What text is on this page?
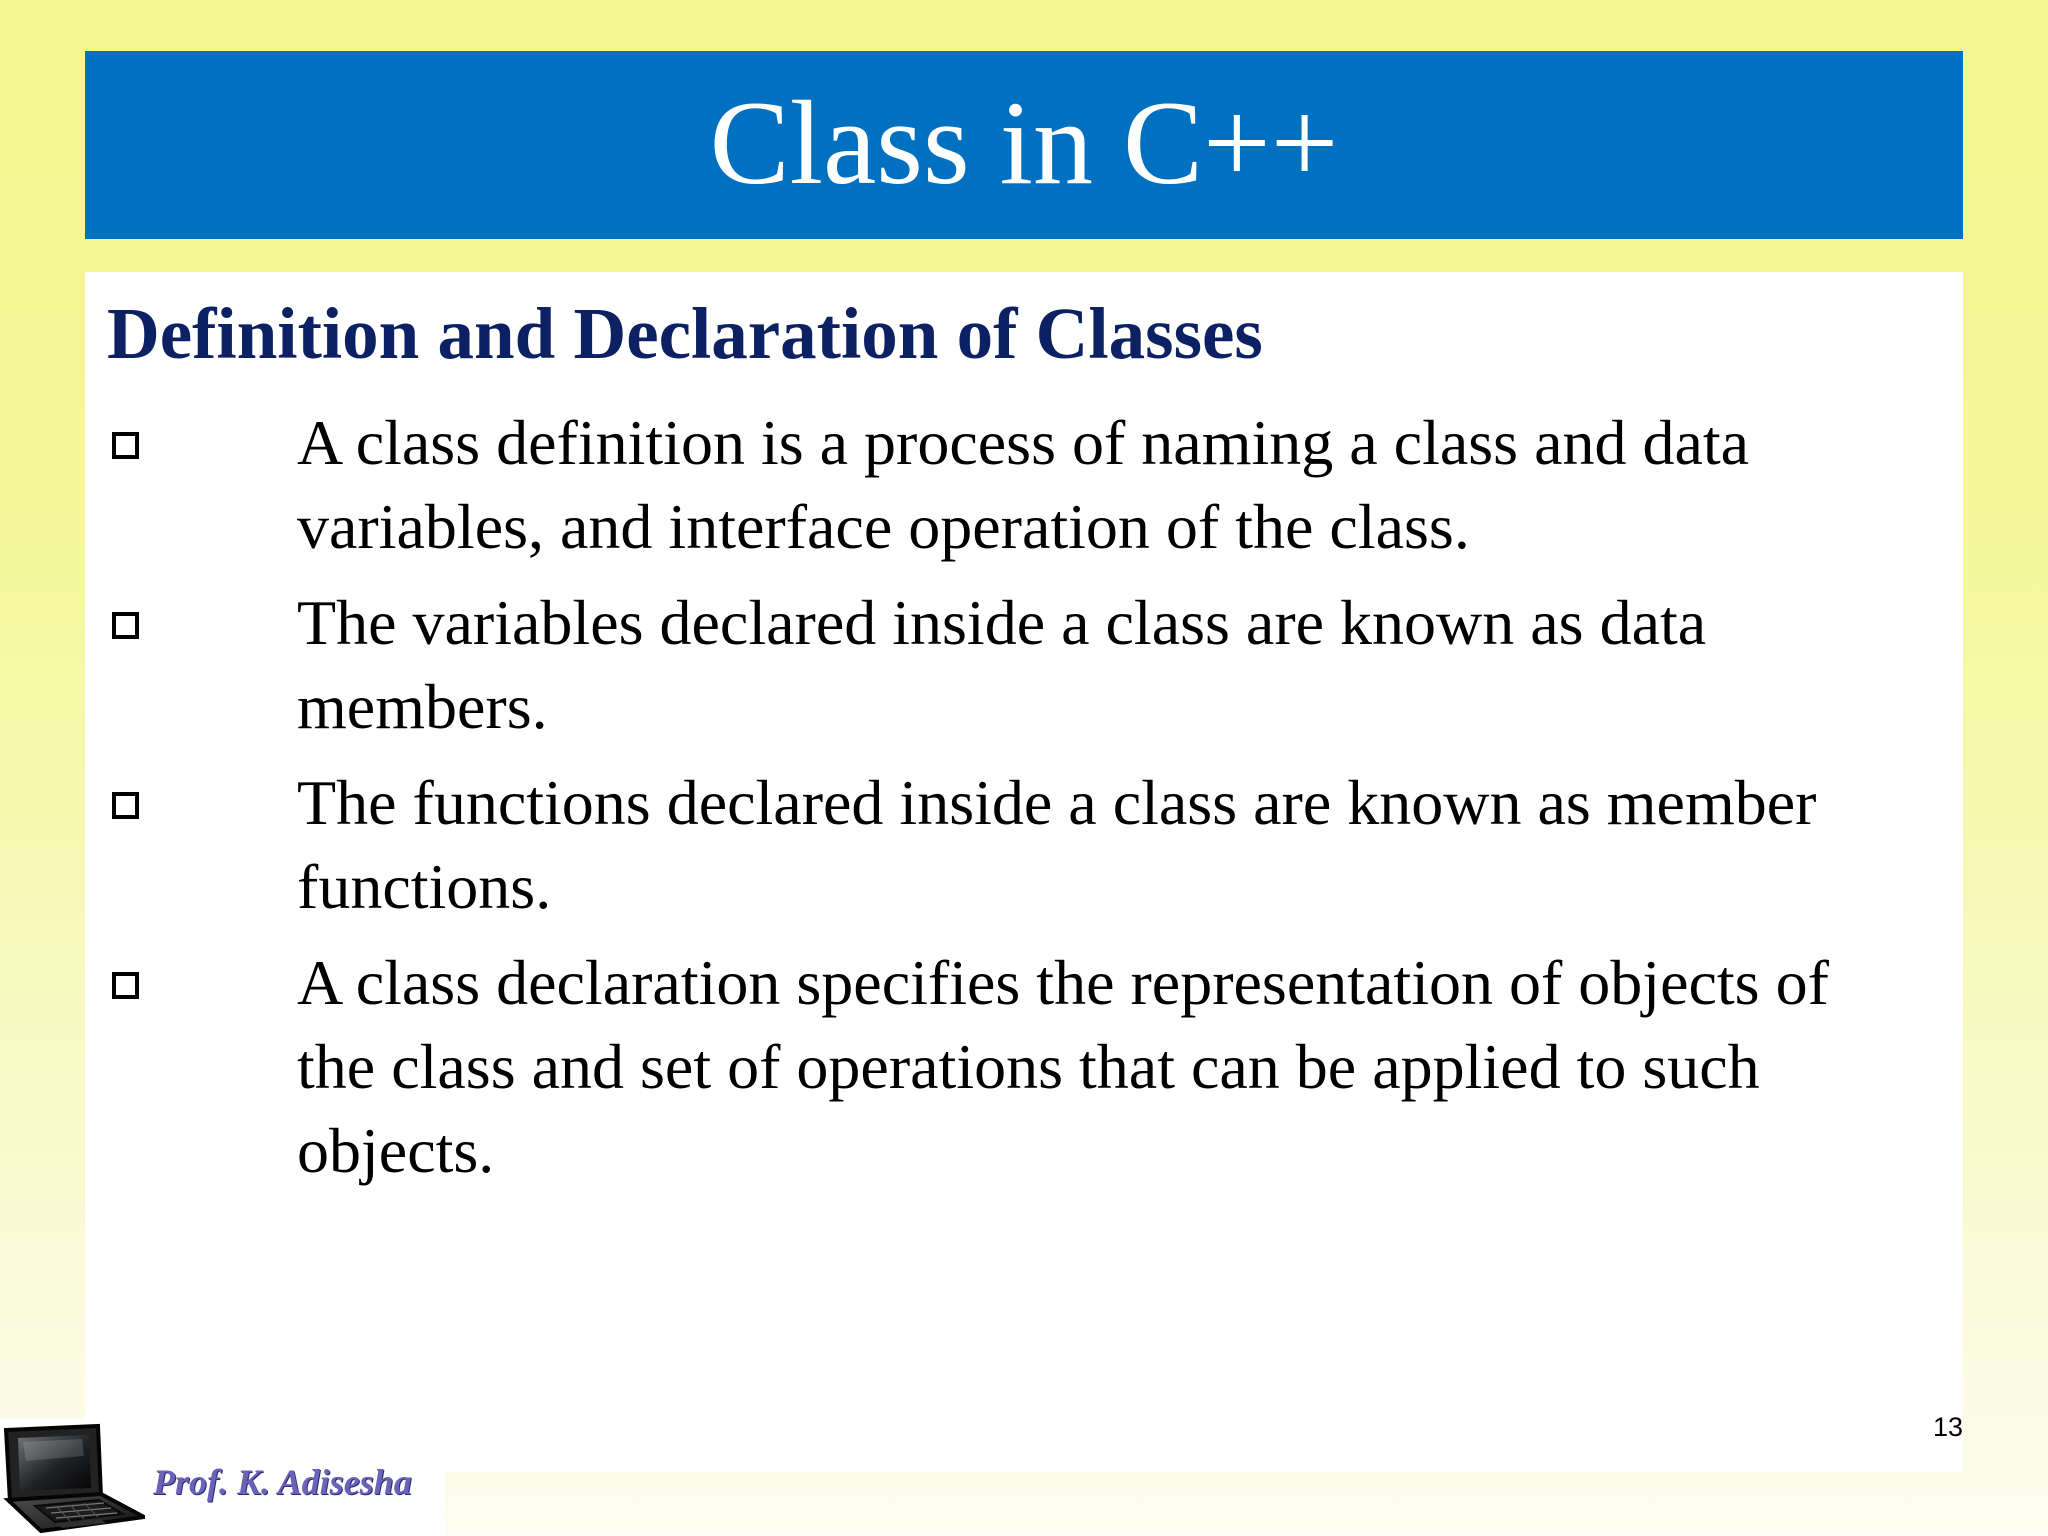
Class in C++
Definition and Declaration of Classes
A class definition is a process of naming a class and data variables, and interface operation of the class.
The variables declared inside a class are known as data members.
The functions declared inside a class are known as member functions.
A class declaration specifies the representation of objects of the class and set of operations that can be applied to such objects.
13
Prof. K. Adisesha
